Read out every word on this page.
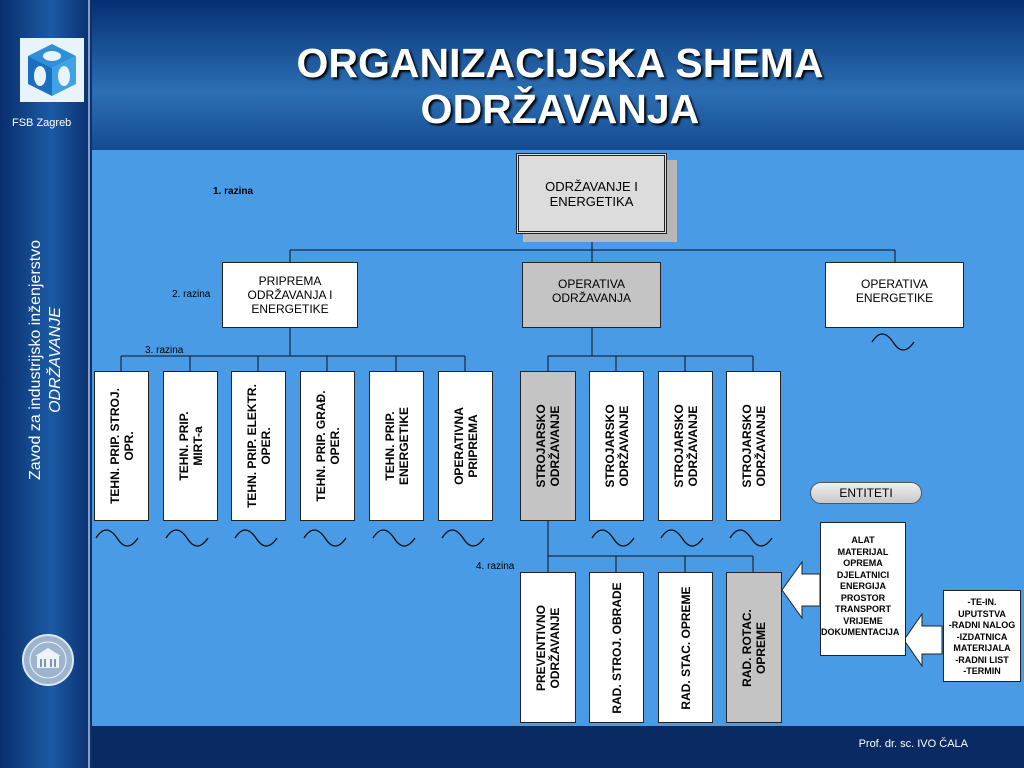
FSB Zagreb
Zavod za industrijsko inženjerstvo ODRŽAVANJE
ORGANIZACIJSKA SHEMA
ODRŽAVANJA
ODRŽAVANJE I
ENERGETIKA
1. razina
2. razina
PRIPREMA
ODRŽAVANJA I
ENERGETIKE
OPERATIVA
ODRŽAVANJA
OPERATIVA
ENERGETIKE
3. razina
TEHN. PRIP. STROJ.
OPR.	TEHN. PRIP.
MIRT-a
TEHN. PRIP. ELEKTR.
OPER.
TEHN. PRIP. GRAĐ.
OPER.	TEHN. PRIP.
ENERGETIKE	OPERATIVNA
PRIPREMA	STROJARSKO
ODRŽAVANJE	STROJARSKO
ODRŽAVANJE	STROJARSKO
ODRŽAVANJE	STROJARSKO
ODRŽAVANJE
4. razina
PREVENTIVNO
ODRŽAVANJE	RAD. STROJ. OBRADE	RAD. STAC. OPREME	RAD. ROTAC.
OPREME
ENTITETI
ALAT
MATERIJAL
OPREMA
DJELATNICI
ENERGIJA
PROSTOR
TRANSPORT
VRIJEME
DOKUMENTACIJA
-TE-IN.
UPUTSTVA
-RADNI NALOG
-IZDATNICA
MATERIJALA
-RADNI LIST
-TERMIN
Prof. dr. sc. IVO ČALA
